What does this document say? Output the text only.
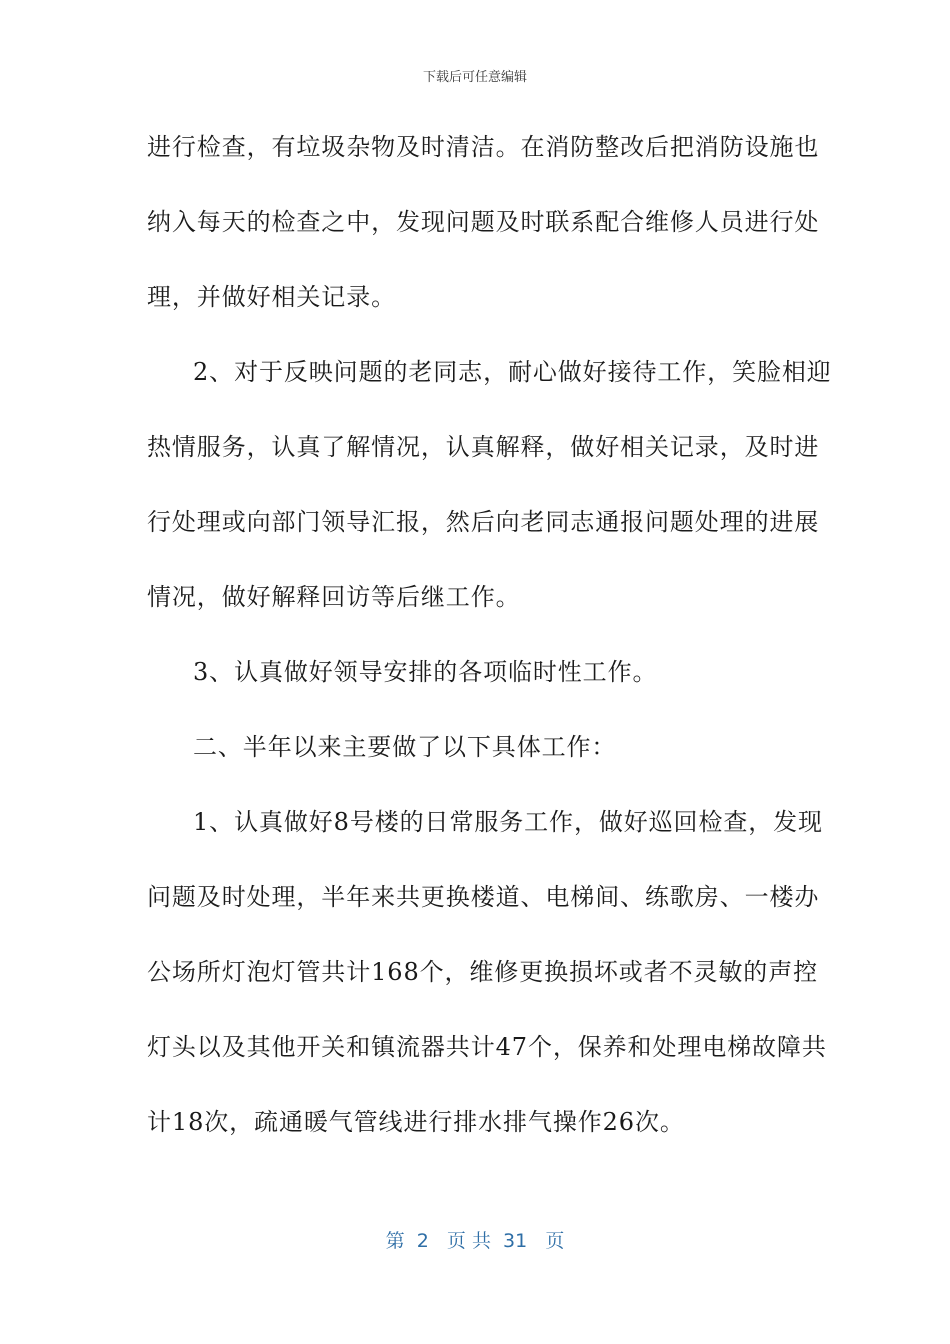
下载后可任意编辑
进行检查，有垃圾杂物及时清洁。在消防整改后把消防设施也
纳入每天的检查之中，发现问题及时联系配合维修人员进行处
理，并做好相关记录。
2、对于反映问题的老同志，耐心做好接待工作，笑脸相迎
热情服务，认真了解情况，认真解释，做好相关记录，及时进
行处理或向部门领导汇报，然后向老同志通报问题处理的进展
情况，做好解释回访等后继工作。
3、认真做好领导安排的各项临时性工作。
二、半年以来主要做了以下具体工作：
1、认真做好8号楼的日常服务工作，做好巡回检查，发现
问题及时处理，半年来共更换楼道、电梯间、练歌房、一楼办
公场所灯泡灯管共计168个，维修更换损坏或者不灵敏的声控
灯头以及其他开关和镇流器共计47个，保养和处理电梯故障共
计18次，疏通暖气管线进行排水排气操作26次。
第  2   页 共  31   页
